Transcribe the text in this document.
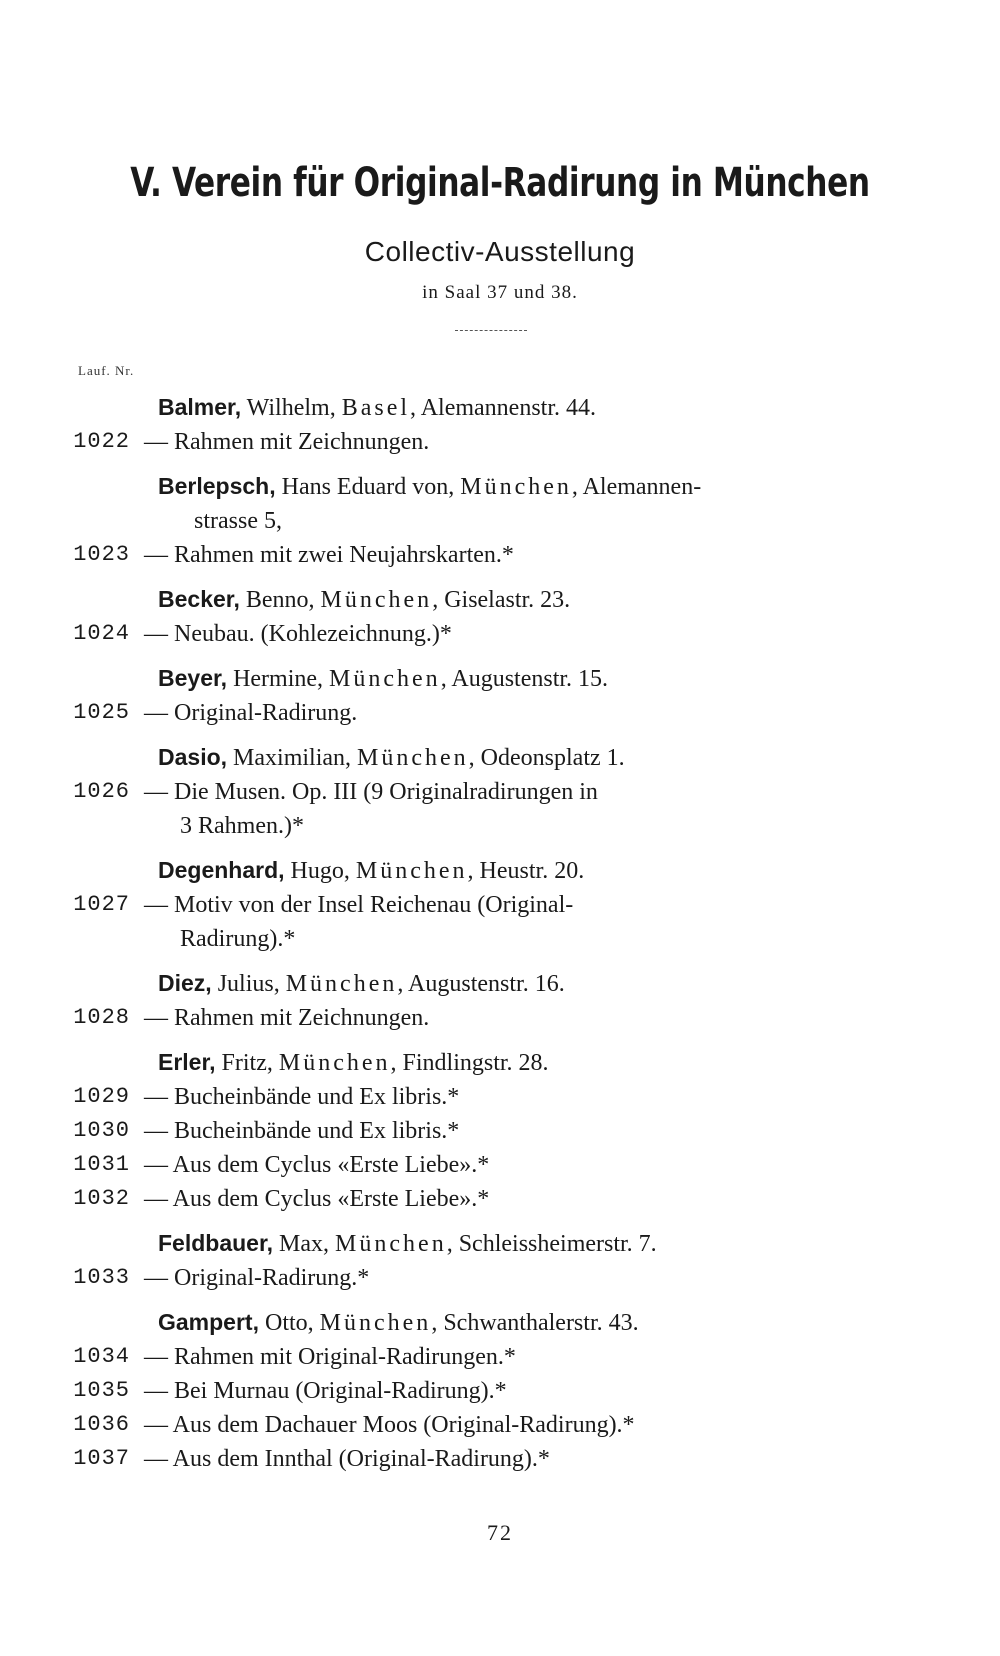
V. Verein für Original-Radirung in München
Collectiv-Ausstellung
in Saal 37 und 38.
Lauf. Nr.
Balmer, Wilhelm, Basel, Alemannenstr. 44.
1022 — Rahmen mit Zeichnungen.
Berlepsch, Hans Eduard von, München, Alemannen-
strasse 5,
1023 — Rahmen mit zwei Neujahrskarten.*
Becker, Benno, München, Giselastr. 23.
1024 — Neubau. (Kohlezeichnung.)*
Beyer, Hermine, München, Augustenstr. 15.
1025 — Original-Radirung.
Dasio, Maximilian, München, Odeonsplatz 1.
1026 — Die Musen. Op. III (9 Originalradirungen in
3 Rahmen.)*
Degenhard, Hugo, München, Heustr. 20.
1027 — Motiv von der Insel Reichenau (Original-
Radirung).*
Diez, Julius, München, Augustenstr. 16.
1028 — Rahmen mit Zeichnungen.
Erler, Fritz, München, Findlingstr. 28.
1029 — Bucheinbände und Ex libris.*
1030 — Bucheinbände und Ex libris.*
1031 — Aus dem Cyclus «Erste Liebe».*
1032 — Aus dem Cyclus «Erste Liebe».*
Feldbauer, Max, München, Schleissheimerstr. 7.
1033 — Original-Radirung.*
Gampert, Otto, München, Schwanthalerstr. 43.
1034 — Rahmen mit Original-Radirungen.*
1035 — Bei Murnau (Original-Radirung).*
1036 — Aus dem Dachauer Moos (Original-Radirung).*
1037 — Aus dem Innthal (Original-Radirung).*
72
